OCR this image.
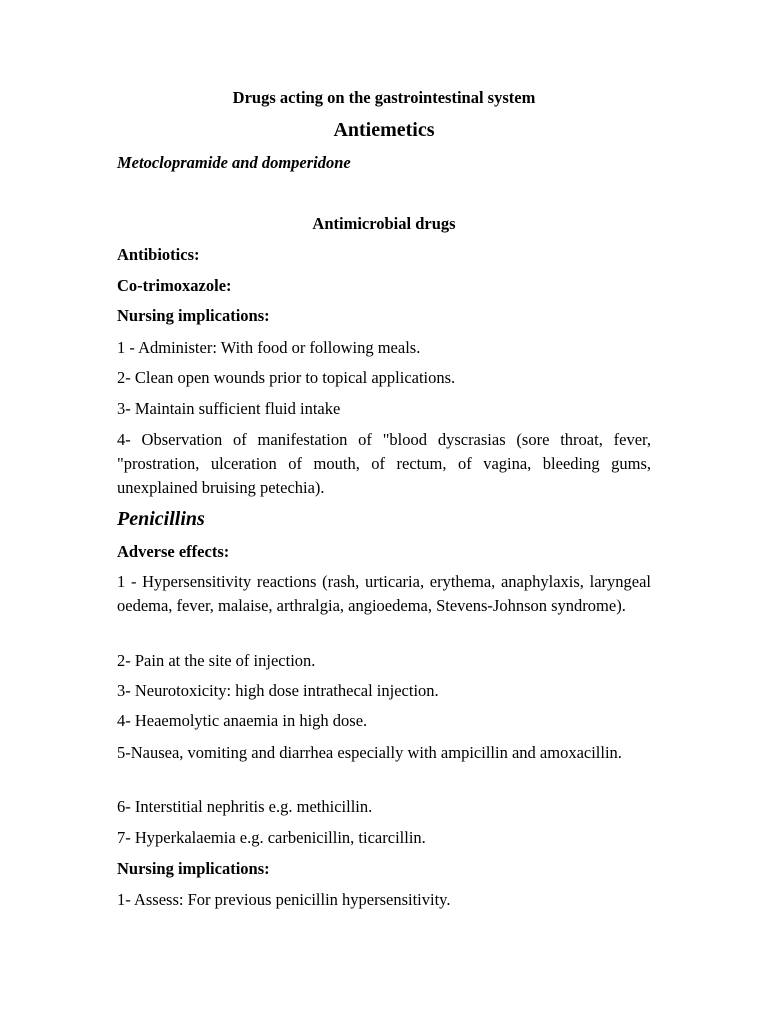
Drugs acting on the gastrointestinal system

Antiemetics

Metoclopramide and domperidone

Antimicrobial drugs

Antibiotics:

Co-trimoxazole:

Nursing implications:

1 - Administer: With food or following meals.

2- Clean open wounds prior to topical applications.

3- Maintain sufficient fluid intake

4- Observation of manifestation of "blood dyscrasias (sore throat, fever, "prostration, ulceration of mouth, of rectum, of vagina, bleeding gums, unexplained bruising petechia).

Penicillins

Adverse effects:

1 - Hypersensitivity reactions (rash, urticaria, erythema, anaphylaxis, laryngeal oedema, fever, malaise, arthralgia, angioedema, Stevens-Johnson syndrome).

2- Pain at the site of injection.

3- Neurotoxicity: high dose intrathecal injection.

4- Heaemolytic anaemia in high dose.

5-Nausea, vomiting and diarrhea especially with ampicillin and amoxacillin.

6- Interstitial nephritis e.g. methicillin.

7- Hyperkalaemia e.g. carbenicillin, ticarcillin.

Nursing implications:

1- Assess: For previous penicillin hypersensitivity.
